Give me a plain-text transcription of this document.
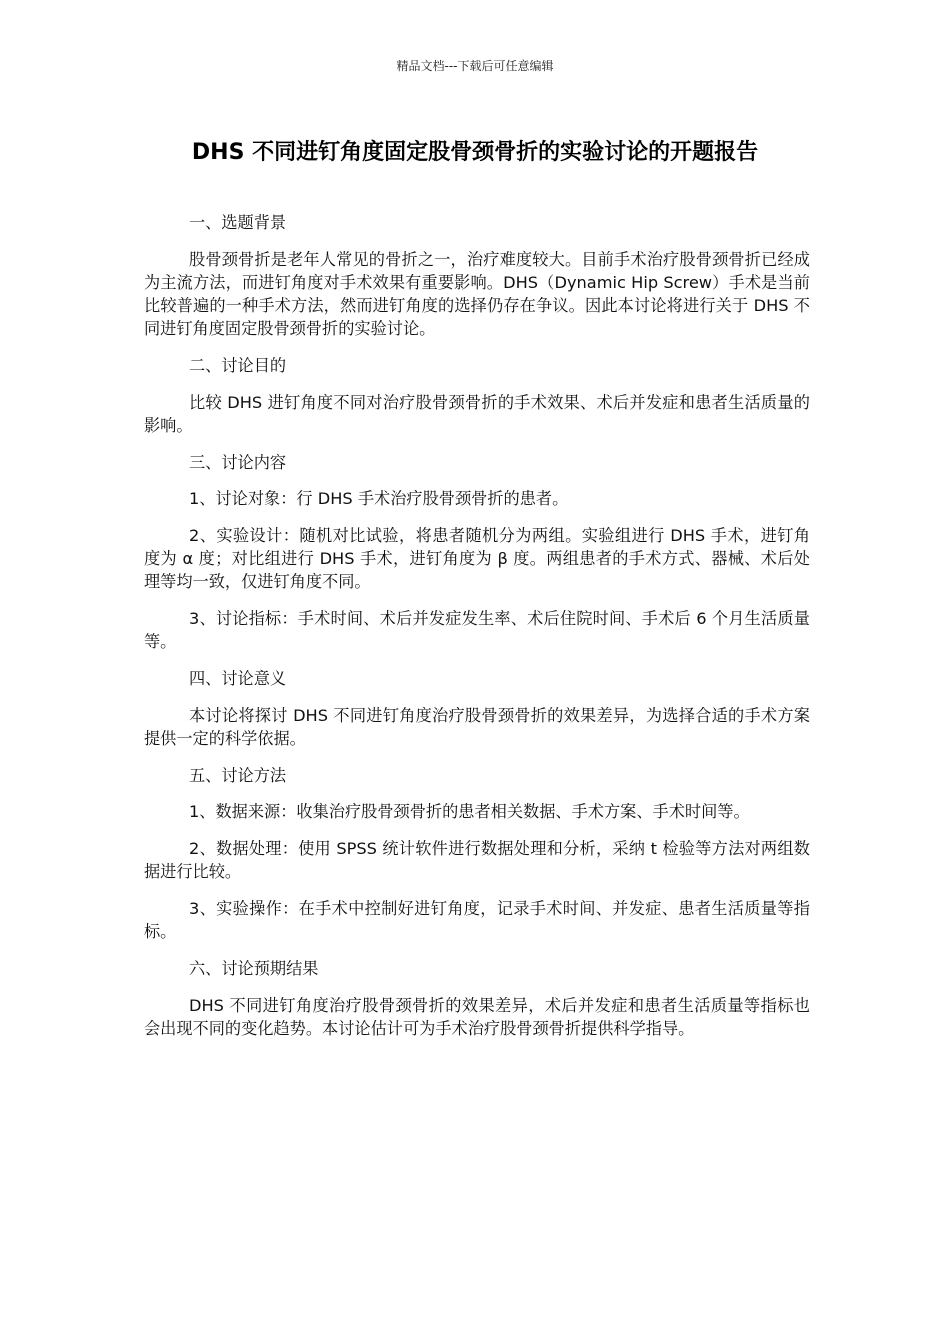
精品文档---下载后可任意编辑
DHS 不同进钉角度固定股骨颈骨折的实验讨论的开题报告

一、选题背景

股骨颈骨折是老年人常见的骨折之一，治疗难度较大。目前手术治疗股骨颈骨折已经成为主流方法，而进钉角度对手术效果有重要影响。DHS（Dynamic Hip Screw）手术是当前比较普遍的一种手术方法，然而进钉角度的选择仍存在争议。因此本讨论将进行关于 DHS 不同进钉角度固定股骨颈骨折的实验讨论。

二、讨论目的

比较 DHS 进钉角度不同对治疗股骨颈骨折的手术效果、术后并发症和患者生活质量的影响。

三、讨论内容

1、讨论对象：行 DHS 手术治疗股骨颈骨折的患者。

2、实验设计：随机对比试验，将患者随机分为两组。实验组进行 DHS 手术，进钉角度为 α 度；对比组进行 DHS 手术，进钉角度为 β 度。两组患者的手术方式、器械、术后处理等均一致，仅进钉角度不同。

3、讨论指标：手术时间、术后并发症发生率、术后住院时间、手术后 6 个月生活质量等。

四、讨论意义

本讨论将探讨 DHS 不同进钉角度治疗股骨颈骨折的效果差异，为选择合适的手术方案提供一定的科学依据。

五、讨论方法

1、数据来源：收集治疗股骨颈骨折的患者相关数据、手术方案、手术时间等。

2、数据处理：使用 SPSS 统计软件进行数据处理和分析，采纳 t 检验等方法对两组数据进行比较。

3、实验操作：在手术中控制好进钉角度，记录手术时间、并发症、患者生活质量等指标。

六、讨论预期结果

DHS 不同进钉角度治疗股骨颈骨折的效果差异，术后并发症和患者生活质量等指标也会出现不同的变化趋势。本讨论估计可为手术治疗股骨颈骨折提供科学指导。
